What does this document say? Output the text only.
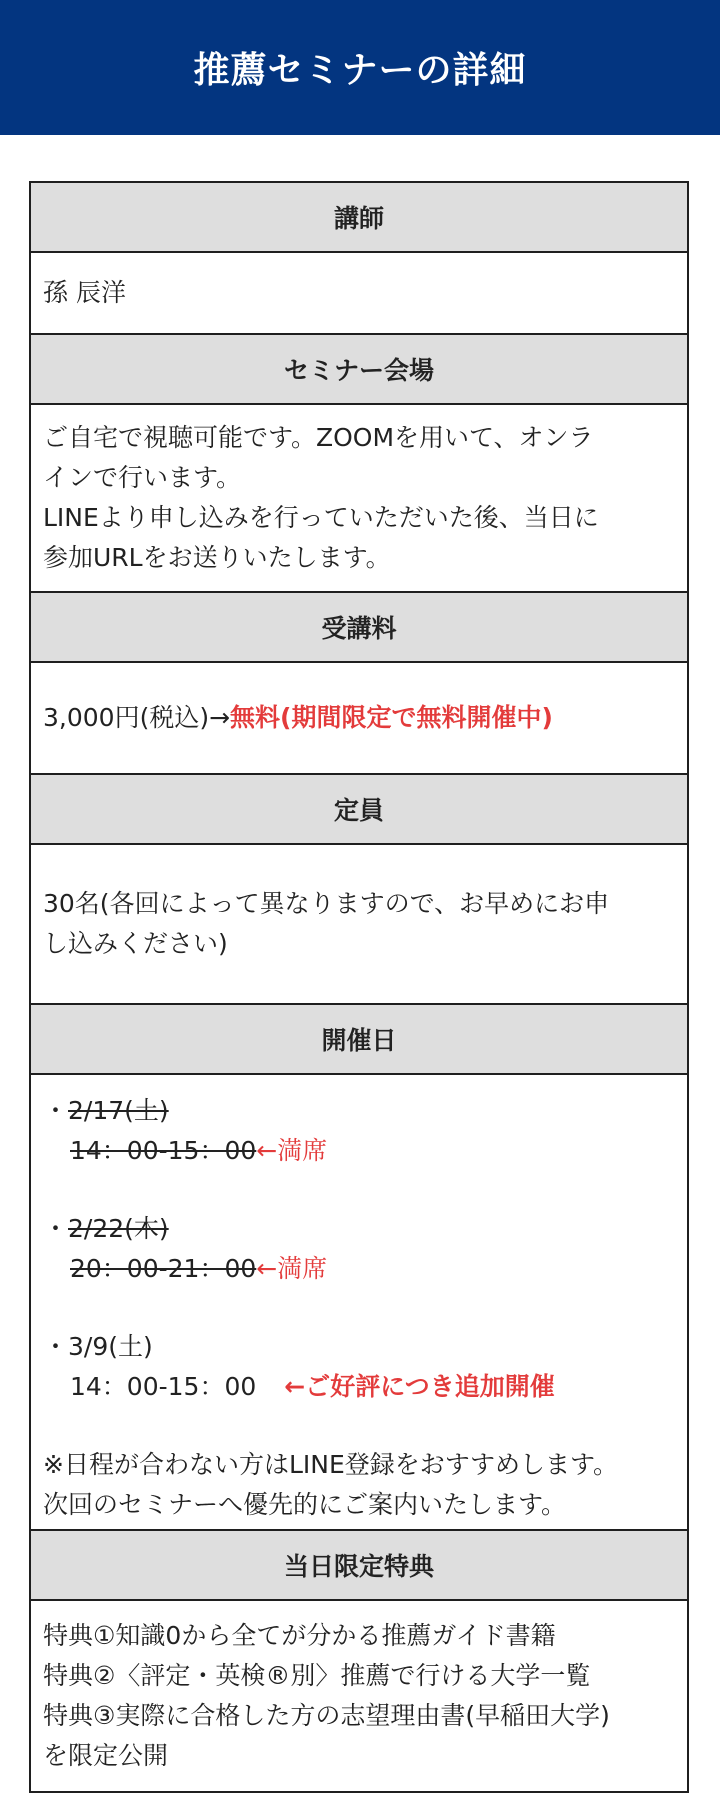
推薦セミナーの詳細
講師
孫 辰洋
セミナー会場
ご自宅で視聴可能です。ZOOMを用いて、オンラ
インで行います。
LINEより申し込みを行っていただいた後、当日に
参加URLをお送りいたします。
受講料
3,000円(税込)→無料(期間限定で無料開催中)
定員
30名(各回によって異なりますので、お早めにお申
し込みください)
開催日
・2/17(土)
14：00-15：00←満席
・2/22(木)
20：00-21：00←満席
・3/9(土)
14：00-15：00 ←ご好評につき追加開催
※日程が合わない方はLINE登録をおすすめします。
次回のセミナーへ優先的にご案内いたします。
当日限定特典
特典①知識0から全てが分かる推薦ガイド書籍
特典②〈評定・英検®別〉推薦で行ける大学一覧
特典③実際に合格した方の志望理由書(早稲田大学)
を限定公開
